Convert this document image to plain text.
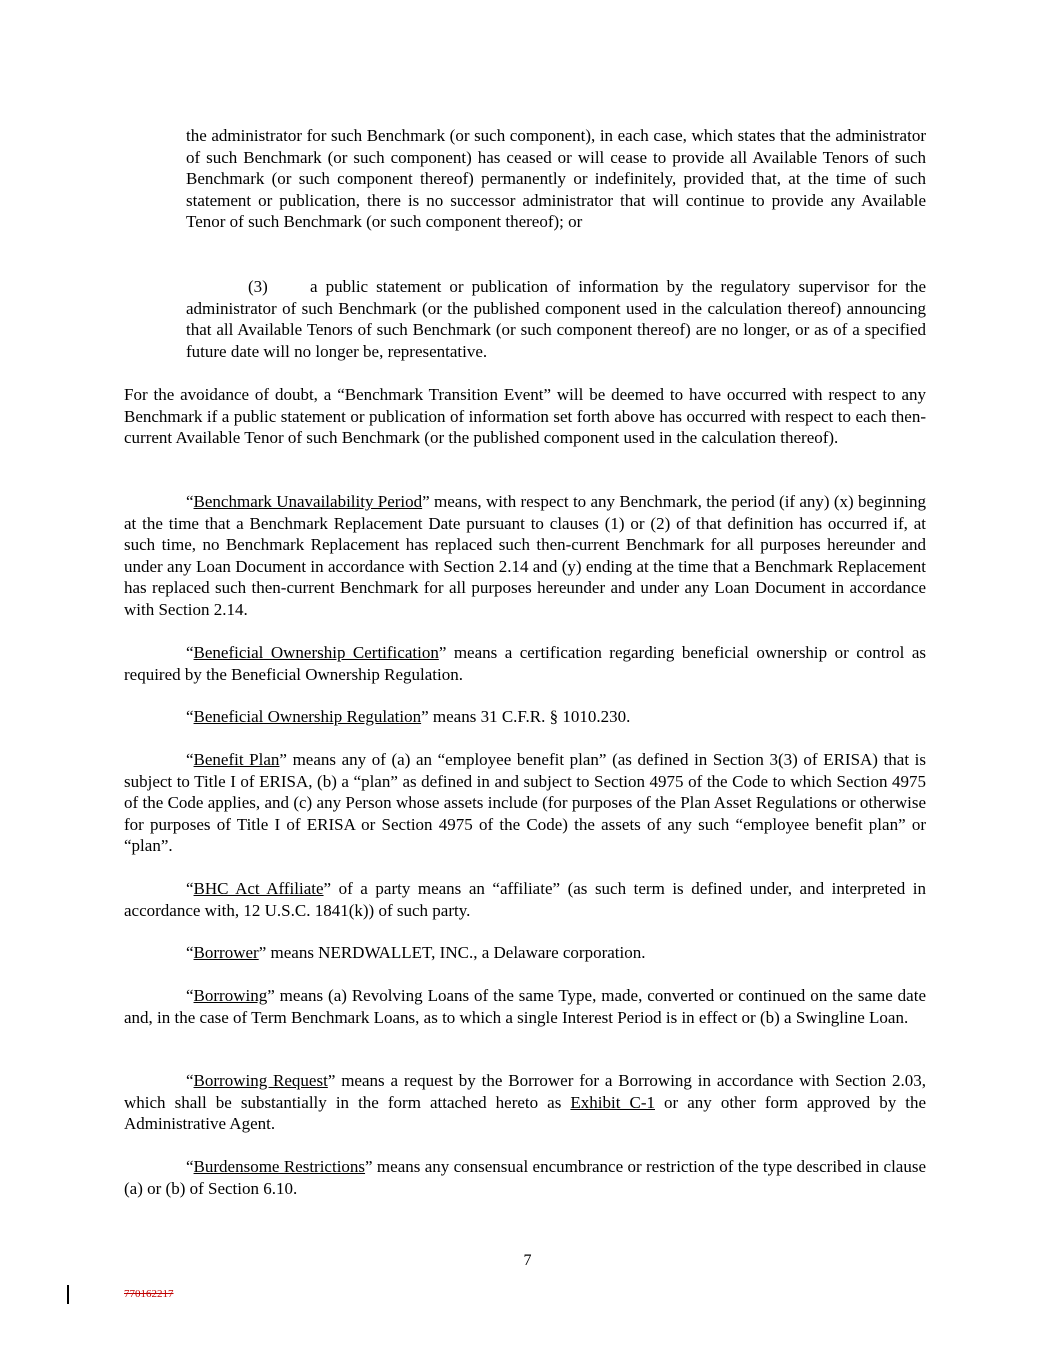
the administrator for such Benchmark (or such component), in each case, which states that the administrator of such Benchmark (or such component) has ceased or will cease to provide all Available Tenors of such Benchmark (or such component thereof) permanently or indefinitely, provided that, at the time of such statement or publication, there is no successor administrator that will continue to provide any Available Tenor of such Benchmark (or such component thereof); or

(3) a public statement or publication of information by the regulatory supervisor for the administrator of such Benchmark (or the published component used in the calculation thereof) announcing that all Available Tenors of such Benchmark (or such component thereof) are no longer, or as of a specified future date will no longer be, representative.

For the avoidance of doubt, a “Benchmark Transition Event” will be deemed to have occurred with respect to any Benchmark if a public statement or publication of information set forth above has occurred with respect to each then-current Available Tenor of such Benchmark (or the published component used in the calculation thereof).

“Benchmark Unavailability Period” means, with respect to any Benchmark, the period (if any) (x) beginning at the time that a Benchmark Replacement Date pursuant to clauses (1) or (2) of that definition has occurred if, at such time, no Benchmark Replacement has replaced such then-current Benchmark for all purposes hereunder and under any Loan Document in accordance with Section 2.14 and (y) ending at the time that a Benchmark Replacement has replaced such then-current Benchmark for all purposes hereunder and under any Loan Document in accordance with Section 2.14.

“Beneficial Ownership Certification” means a certification regarding beneficial ownership or control as required by the Beneficial Ownership Regulation.

“Beneficial Ownership Regulation” means 31 C.F.R. § 1010.230.

“Benefit Plan” means any of (a) an “employee benefit plan” (as defined in Section 3(3) of ERISA) that is subject to Title I of ERISA, (b) a “plan” as defined in and subject to Section 4975 of the Code to which Section 4975 of the Code applies, and (c) any Person whose assets include (for purposes of the Plan Asset Regulations or otherwise for purposes of Title I of ERISA or Section 4975 of the Code) the assets of any such “employee benefit plan” or “plan”.

“BHC Act Affiliate” of a party means an “affiliate” (as such term is defined under, and interpreted in accordance with, 12 U.S.C. 1841(k)) of such party.

“Borrower” means NERDWALLET, INC., a Delaware corporation.

“Borrowing” means (a) Revolving Loans of the same Type, made, converted or continued on the same date and, in the case of Term Benchmark Loans, as to which a single Interest Period is in effect or (b) a Swingline Loan.

“Borrowing Request” means a request by the Borrower for a Borrowing in accordance with Section 2.03, which shall be substantially in the form attached hereto as Exhibit C-1 or any other form approved by the Administrative Agent.

“Burdensome Restrictions” means any consensual encumbrance or restriction of the type described in clause (a) or (b) of Section 6.10.

7
770162217
